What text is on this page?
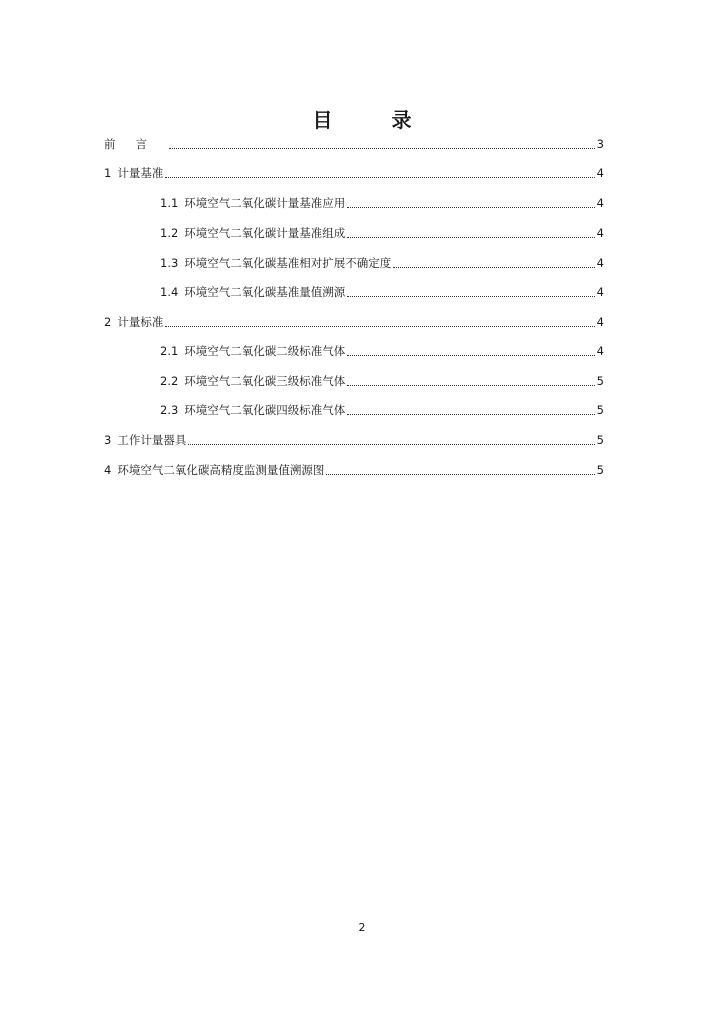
目 录
前言	3
1 计量基准	4
1.1 环境空气二氧化碳计量基准应用	4
1.2 环境空气二氧化碳计量基准组成	4
1.3 环境空气二氧化碳基准相对扩展不确定度	4
1.4 环境空气二氧化碳基准量值溯源	4
2 计量标准	4
2.1 环境空气二氧化碳二级标准气体	4
2.2 环境空气二氧化碳三级标准气体	5
2.3 环境空气二氧化碳四级标准气体	5
3 工作计量器具	5
4 环境空气二氧化碳高精度监测量值溯源图	5
2
